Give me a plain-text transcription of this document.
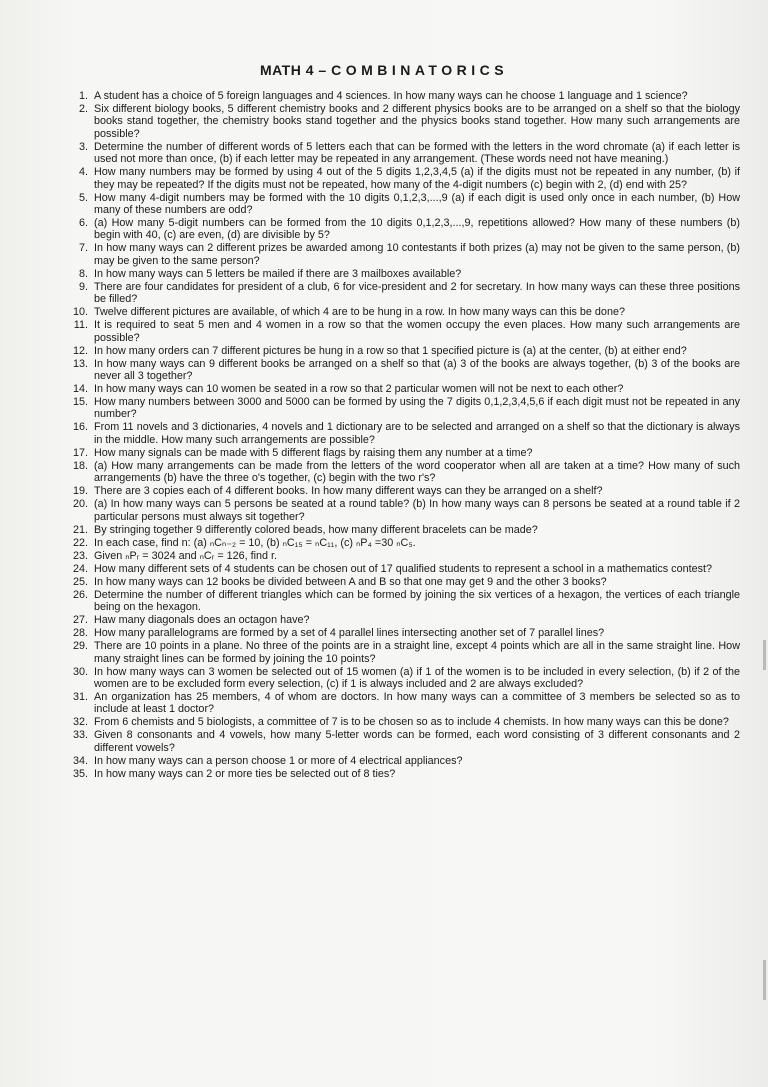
MATH 4 – COMBINATORICS
1. A student has a choice of 5 foreign languages and 4 sciences. In how many ways can he choose 1 language and 1 science?
2. Six different biology books, 5 different chemistry books and 2 different physics books are to be arranged on a shelf so that the biology books stand together, the chemistry books stand together and the physics books stand together. How many such arrangements are possible?
3. Determine the number of different words of 5 letters each that can be formed with the letters in the word chromate (a) if each letter is used not more than once, (b) if each letter may be repeated in any arrangement. (These words need not have meaning.)
4. How many numbers may be formed by using 4 out of the 5 digits 1,2,3,4,5 (a) if the digits must not be repeated in any number, (b) if they may be repeated? If the digits must not be repeated, how many of the 4-digit numbers (c) begin with 2, (d) end with 25?
5. How many 4-digit numbers may be formed with the 10 digits 0,1,2,3,...,9 (a) if each digit is used only once in each number, (b) How many of these numbers are odd?
6. (a) How many 5-digit numbers can be formed from the 10 digits 0,1,2,3,...,9, repetitions allowed? How many of these numbers (b) begin with 40, (c) are even, (d) are divisible by 5?
7. In how many ways can 2 different prizes be awarded among 10 contestants if both prizes (a) may not be given to the same person, (b) may be given to the same person?
8. In how many ways can 5 letters be mailed if there are 3 mailboxes available?
9. There are four candidates for president of a club, 6 for vice-president and 2 for secretary. In how many ways can these three positions be filled?
10. Twelve different pictures are available, of which 4 are to be hung in a row. In how many ways can this be done?
11. It is required to seat 5 men and 4 women in a row so that the women occupy the even places. How many such arrangements are possible?
12. In how many orders can 7 different pictures be hung in a row so that 1 specified picture is (a) at the center, (b) at either end?
13. In how many ways can 9 different books be arranged on a shelf so that (a) 3 of the books are always together, (b) 3 of the books are never all 3 together?
14. In how many ways can 10 women be seated in a row so that 2 particular women will not be next to each other?
15. How many numbers between 3000 and 5000 can be formed by using the 7 digits 0,1,2,3,4,5,6 if each digit must not be repeated in any number?
16. From 11 novels and 3 dictionaries, 4 novels and 1 dictionary are to be selected and arranged on a shelf so that the dictionary is always in the middle. How many such arrangements are possible?
17. How many signals can be made with 5 different flags by raising them any number at a time?
18. (a) How many arrangements can be made from the letters of the word cooperator when all are taken at a time? How many of such arrangements (b) have the three o's together, (c) begin with the two r's?
19. There are 3 copies each of 4 different books. In how many different ways can they be arranged on a shelf?
20. (a) In how many ways can 5 persons be seated at a round table? (b) In how many ways can 8 persons be seated at a round table if 2 particular persons must always sit together?
21. By stringing together 9 differently colored beads, how many different bracelets can be made?
22. In each case, find n: (a) ₙCₙ₋₂ = 10, (b) ₙC₁₅ = ₙC₁₁, (c) ₙP₄ =30 ₙC₅.
23. Given ₙPᵣ = 3024 and ₙCᵣ = 126, find r.
24. How many different sets of 4 students can be chosen out of 17 qualified students to represent a school in a mathematics contest?
25. In how many ways can 12 books be divided between A and B so that one may get 9 and the other 3 books?
26. Determine the number of different triangles which can be formed by joining the six vertices of a hexagon, the vertices of each triangle being on the hexagon.
27. Haw many diagonals does an octagon have?
28. How many parallelograms are formed by a set of 4 parallel lines intersecting another set of 7 parallel lines?
29. There are 10 points in a plane. No three of the points are in a straight line, except 4 points which are all in the same straight line. How many straight lines can be formed by joining the 10 points?
30. In how many ways can 3 women be selected out of 15 women (a) if 1 of the women is to be included in every selection, (b) if 2 of the women are to be excluded form every selection, (c) if 1 is always included and 2 are always excluded?
31. An organization has 25 members, 4 of whom are doctors. In how many ways can a committee of 3 members be selected so as to include at least 1 doctor?
32. From 6 chemists and 5 biologists, a committee of 7 is to be chosen so as to include 4 chemists. In how many ways can this be done?
33. Given 8 consonants and 4 vowels, how many 5-letter words can be formed, each word consisting of 3 different consonants and 2 different vowels?
34. In how many ways can a person choose 1 or more of 4 electrical appliances?
35. In how many ways can 2 or more ties be selected out of 8 ties?
